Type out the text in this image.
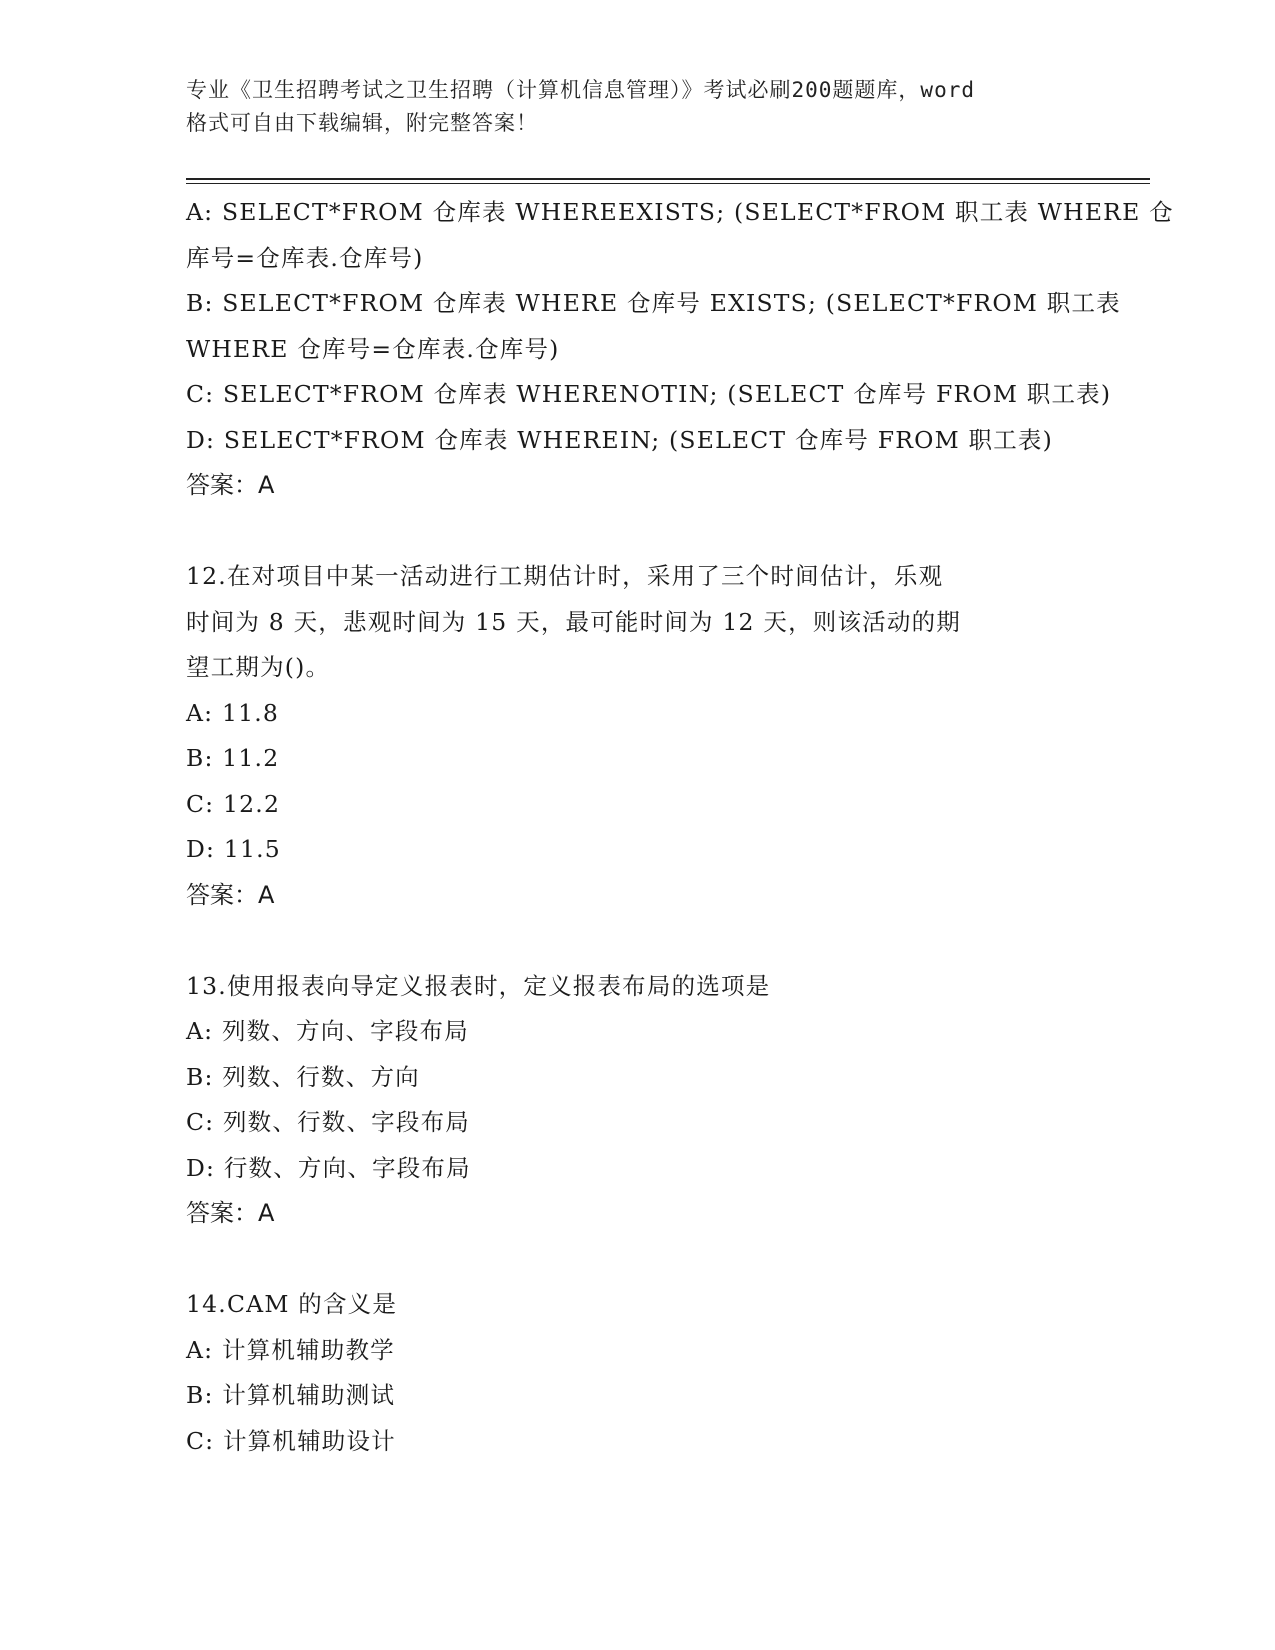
专业《卫生招聘考试之卫生招聘（计算机信息管理）》考试必刷200题题库，word
格式可自由下载编辑，附完整答案！
A: SELECT*FROM 仓库表 WHEREEXISTS; (SELECT*FROM 职工表 WHERE 仓
库号=仓库表.仓库号)
B: SELECT*FROM 仓库表 WHERE 仓库号 EXISTS; (SELECT*FROM 职工表
WHERE 仓库号=仓库表.仓库号)
C: SELECT*FROM 仓库表 WHERENOTIN; (SELECT 仓库号 FROM 职工表)
D: SELECT*FROM 仓库表 WHEREIN; (SELECT 仓库号 FROM 职工表)
答案：A
12.在对项目中某一活动进行工期估计时，采用了三个时间估计，乐观
时间为 8 天，悲观时间为 15 天，最可能时间为 12 天，则该活动的期
望工期为()。
A: 11.8
B: 11.2
C: 12.2
D: 11.5
答案：A
13.使用报表向导定义报表时，定义报表布局的选项是
A: 列数、方向、字段布局
B: 列数、行数、方向
C: 列数、行数、字段布局
D: 行数、方向、字段布局
答案：A
14.CAM 的含义是
A: 计算机辅助教学
B: 计算机辅助测试
C: 计算机辅助设计
